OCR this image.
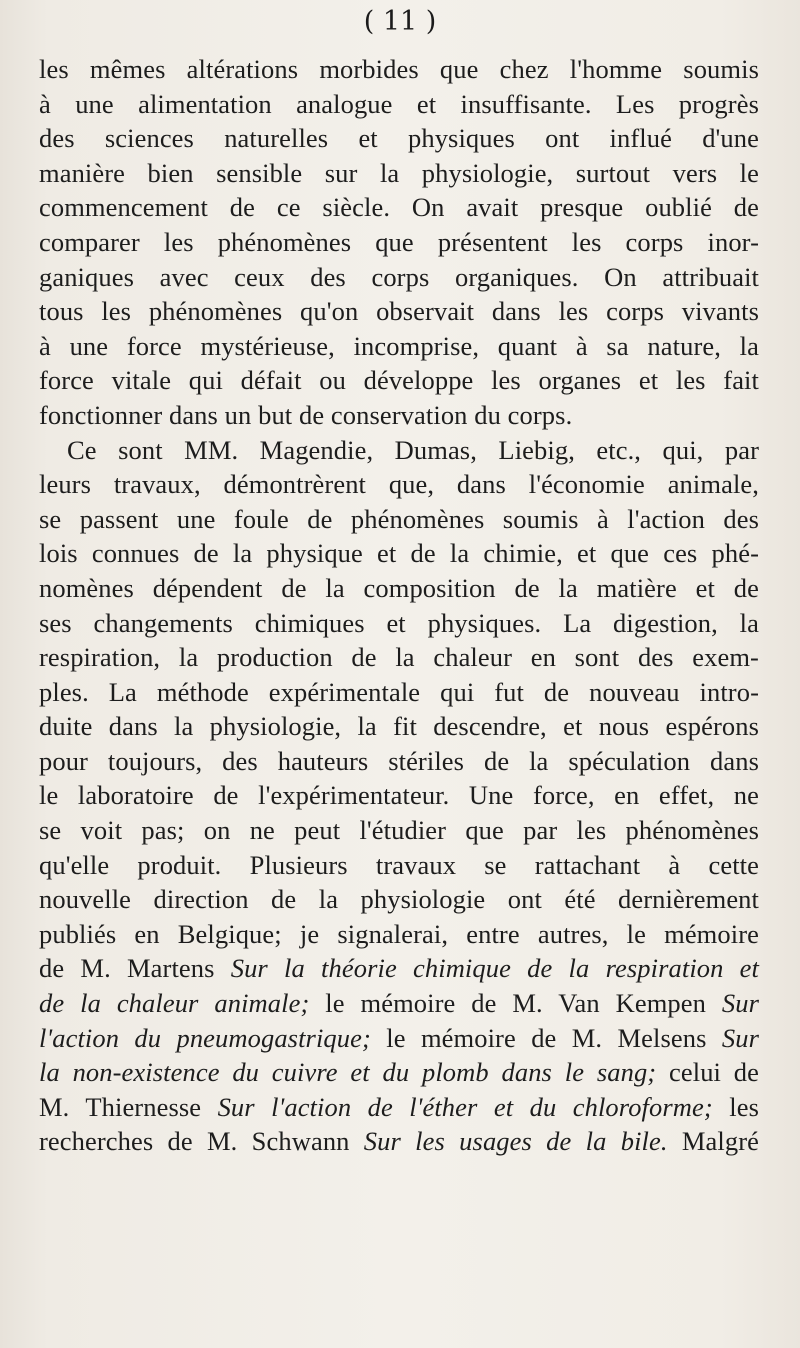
( 11 )
les mêmes altérations morbides que chez l'homme soumis
à une alimentation analogue et insuffisante. Les progrès
des sciences naturelles et physiques ont influé d'une
manière bien sensible sur la physiologie, surtout vers le
commencement de ce siècle. On avait presque oublié de
comparer les phénomènes que présentent les corps inor-
ganiques avec ceux des corps organiques. On attribuait
tous les phénomènes qu'on observait dans les corps vivants
à une force mystérieuse, incomprise, quant à sa nature, la
force vitale qui défait ou développe les organes et les fait
fonctionner dans un but de conservation du corps.
Ce sont MM. Magendie, Dumas, Liebig, etc., qui, par
leurs travaux, démontrèrent que, dans l'économie animale,
se passent une foule de phénomènes soumis à l'action des
lois connues de la physique et de la chimie, et que ces phé-
nomènes dépendent de la composition de la matière et de
ses changements chimiques et physiques. La digestion, la
respiration, la production de la chaleur en sont des exem-
ples. La méthode expérimentale qui fut de nouveau intro-
duite dans la physiologie, la fit descendre, et nous espérons
pour toujours, des hauteurs stériles de la spéculation dans
le laboratoire de l'expérimentateur. Une force, en effet, ne
se voit pas; on ne peut l'étudier que par les phénomènes
qu'elle produit. Plusieurs travaux se rattachant à cette
nouvelle direction de la physiologie ont été dernièrement
publiés en Belgique; je signalerai, entre autres, le mémoire
de M. Martens Sur la théorie chimique de la respiration et
de la chaleur animale; le mémoire de M. Van Kempen Sur
l'action du pneumogastrique; le mémoire de M. Melsens Sur
la non-existence du cuivre et du plomb dans le sang; celui de
M. Thiernesse Sur l'action de l'éther et du chloroforme; les
recherches de M. Schwann Sur les usages de la bile. Malgré
